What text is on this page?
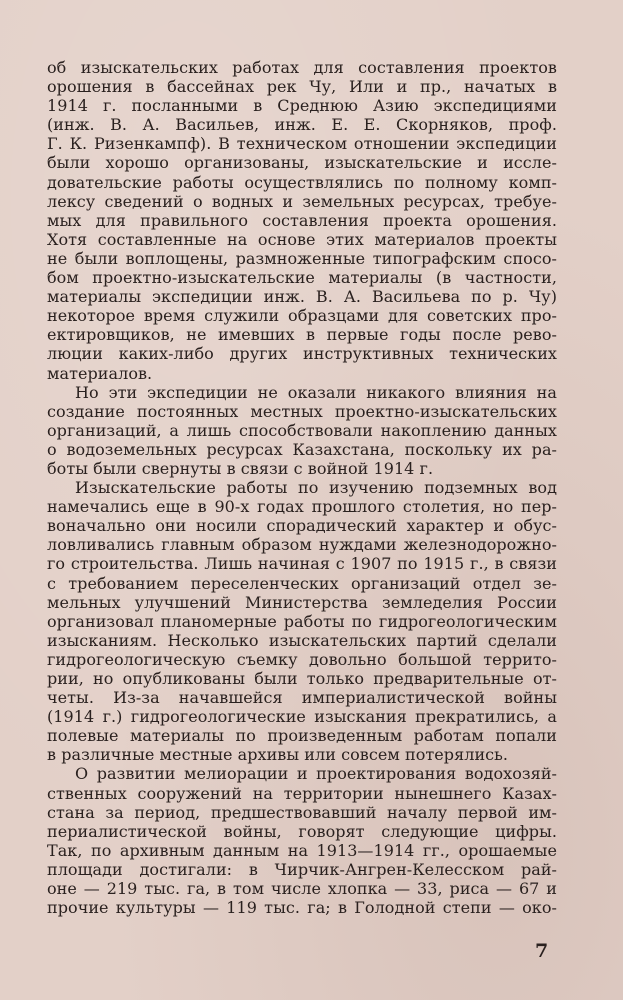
об изыскательских работах для составления проектов
орошения в бассейнах рек Чу, Или и пр., начатых в
1914 г. посланными в Среднюю Азию экспедициями
(инж. В. А. Васильев, инж. Е. Е. Скорняков, проф.
Г. К. Ризенкампф). В техническом отношении экспедиции
были хорошо организованы, изыскательские и иссле-
довательские работы осуществлялись по полному комп-
лексу сведений о водных и земельных ресурсах, требуе-
мых для правильного составления проекта орошения.
Хотя составленные на основе этих материалов проекты
не были воплощены, размноженные типографским спосо-
бом проектно-изыскательские материалы (в частности,
материалы экспедиции инж. В. А. Васильева по р. Чу)
некоторое время служили образцами для советских про-
ектировщиков, не имевших в первые годы после рево-
люции каких-либо других инструктивных технических
материалов.
Но эти экспедиции не оказали никакого влияния на
создание постоянных местных проектно-изыскательских
организаций, а лишь способствовали накоплению данных
о водоземельных ресурсах Казахстана, поскольку их ра-
боты были свернуты в связи с войной 1914 г.
Изыскательские работы по изучению подземных вод
намечались еще в 90-х годах прошлого столетия, но пер-
воначально они носили спорадический характер и обус-
ловливались главным образом нуждами железнодорожно-
го строительства. Лишь начиная с 1907 по 1915 г., в связи
с требованием переселенческих организаций отдел зе-
мельных улучшений Министерства земледелия России
организовал планомерные работы по гидрогеологическим
изысканиям. Несколько изыскательских партий сделали
гидрогеологическую съемку довольно большой террито-
рии, но опубликованы были только предварительные от-
четы. Из-за начавшейся империалистической войны
(1914 г.) гидрогеологические изыскания прекратились, а
полевые материалы по произведенным работам попали
в различные местные архивы или совсем потерялись.
О развитии мелиорации и проектирования водохозяй-
ственных сооружений на территории нынешнего Казах-
стана за период, предшествовавший началу первой им-
периалистической войны, говорят следующие цифры.
Так, по архивным данным на 1913—1914 гг., орошаемые
площади достигали: в Чирчик-Ангрен-Келесском рай-
оне — 219 тыс. га, в том числе хлопка — 33, риса — 67 и
прочие культуры — 119 тыс. га; в Голодной степи — око-
7
